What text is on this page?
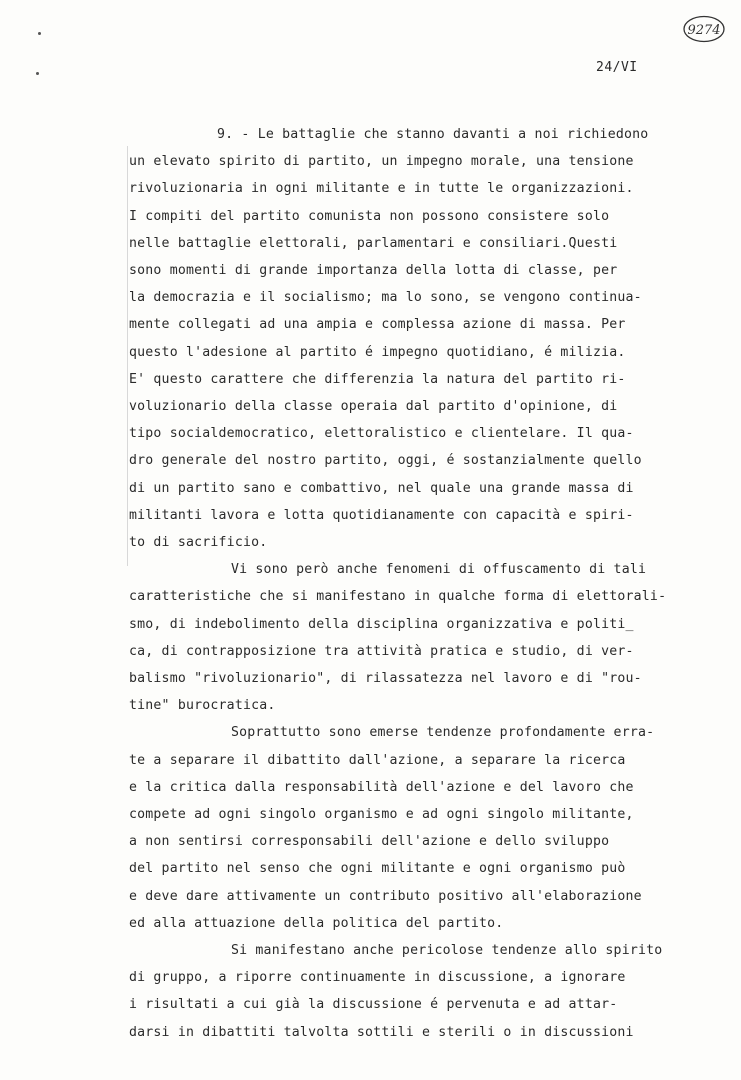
9274
24/VI
9. - Le battaglie che stanno davanti a noi richiedono
un elevato spirito di partito, un impegno morale, una tensione
rivoluzionaria in ogni militante e in tutte le organizzazioni.
I compiti del partito comunista non possono consistere solo
nelle battaglie elettorali, parlamentari e consiliari.Questi
sono momenti di grande importanza della lotta di classe, per
la democrazia e il socialismo; ma lo sono, se vengono continua-
mente collegati ad una ampia e complessa azione di massa. Per
questo l'adesione al partito é impegno quotidiano, é milizia.
E' questo carattere che differenzia la natura del partito ri-
voluzionario della classe operaia dal partito d'opinione, di
tipo socialdemocratico, elettoralistico e clientelare. Il qua-
dro generale del nostro partito, oggi, é sostanzialmente quello
di un partito sano e combattivo, nel quale una grande massa di
militanti lavora e lotta quotidianamente con capacità e spiri-
to di sacrificio.
Vi sono però anche fenomeni di offuscamento di tali
caratteristiche che si manifestano in qualche forma di elettorali-
smo, di indebolimento della disciplina organizzativa e politi_
ca, di contrapposizione tra attività pratica e studio, di ver-
balismo "rivoluzionario", di rilassatezza nel lavoro e di "rou-
tine" burocratica.
Soprattutto sono emerse tendenze profondamente erra-
te a separare il dibattito dall'azione, a separare la ricerca
e la critica dalla responsabilità dell'azione e del lavoro che
compete ad ogni singolo organismo e ad ogni singolo militante,
a non sentirsi corresponsabili dell'azione e dello sviluppo
del partito nel senso che ogni militante e ogni organismo può
e deve dare attivamente un contributo positivo all'elaborazione
ed alla attuazione della politica del partito.
Si manifestano anche pericolose tendenze allo spirito
di gruppo, a riporre continuamente in discussione, a ignorare
i risultati a cui già la discussione é pervenuta e ad attar-
darsi in dibattiti talvolta sottili e sterili o in discussioni
